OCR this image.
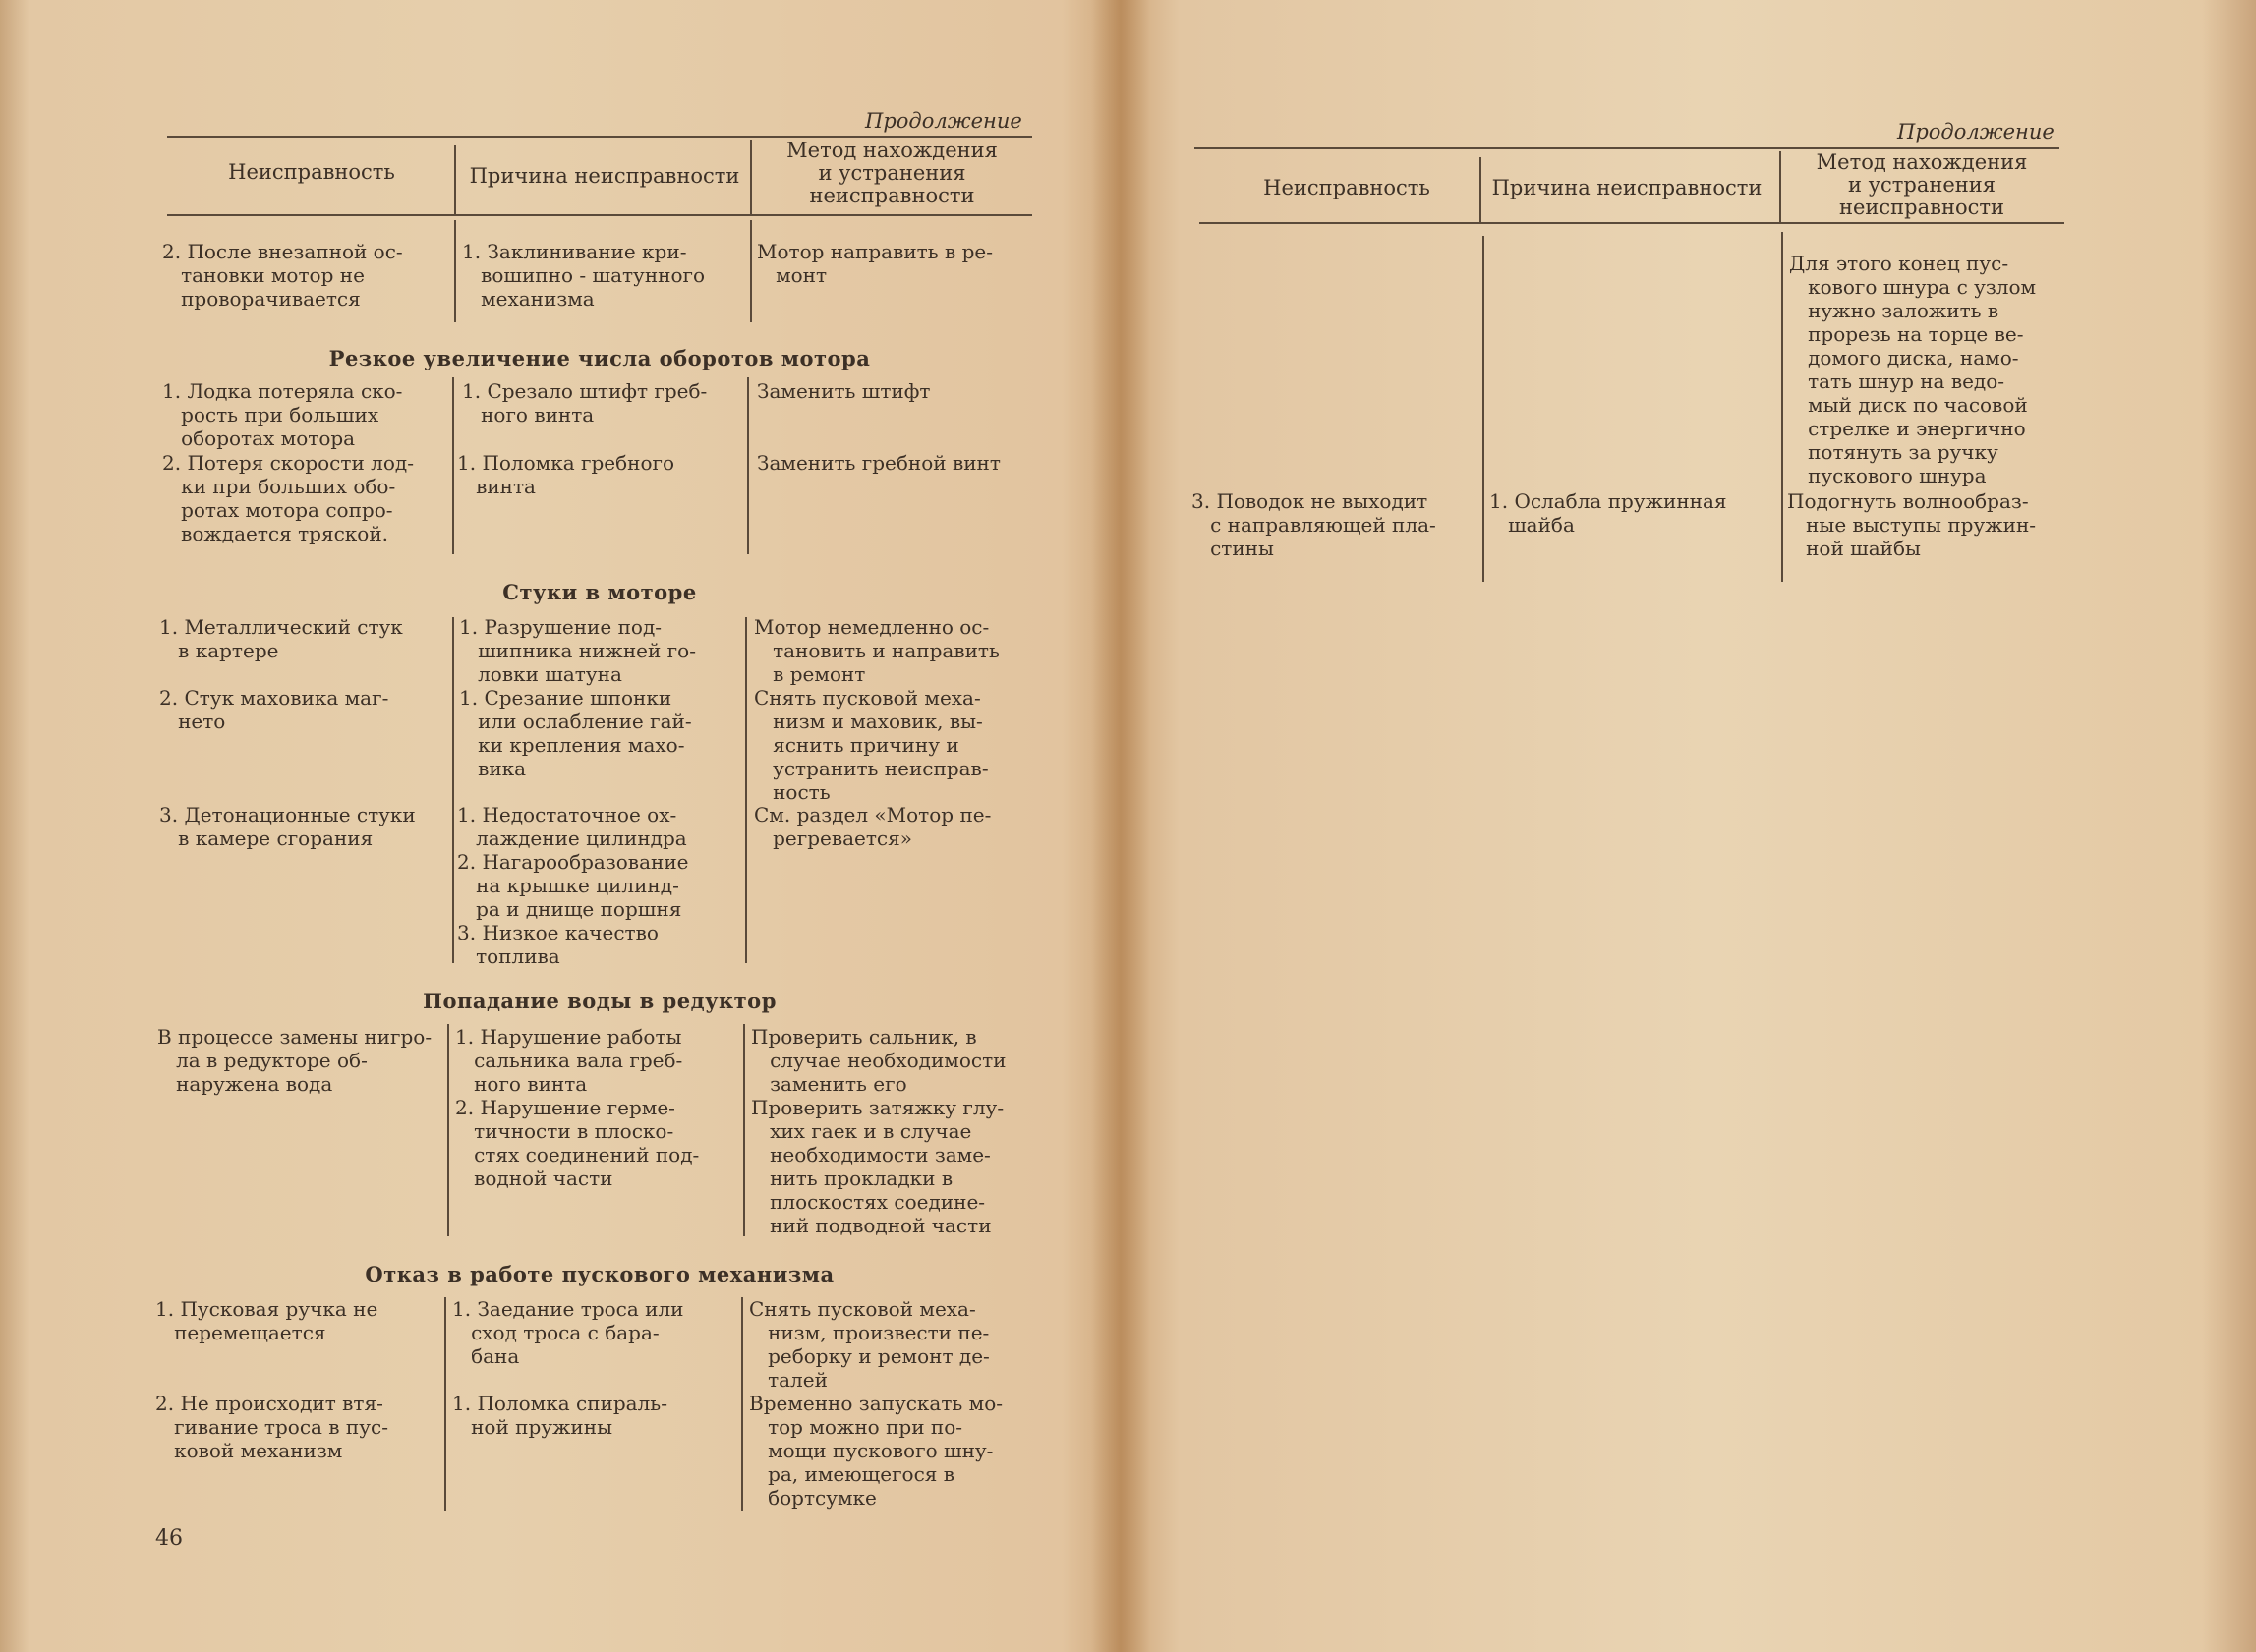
Продолжение
Неисправность	Причина неисправности
Метод нахождения
и устранения
неисправности
2. После внезапной ос-
тановки мотор не
проворачивается
1. Заклинивание кри-
вошипно - шатунного
механизма
Мотор направить в ре-
монт
Резкое увеличение числа оборотов мотора
1. Лодка потеряла ско-
рость при больших
оборотах мотора
1. Срезало штифт греб-
ного винта
Заменить штифт
2. Потеря скорости лод-
ки при больших обо-
ротах мотора сопро-
вождается тряской.
1. Поломка гребного
винта
Заменить гребной винт
Стуки в моторе
1. Металлический стук
в картере
1. Разрушение под-
шипника нижней го-
ловки шатуна
Мотор немедленно ос-
тановить и направить
в ремонт
2. Стук маховика маг-
нето
1. Срезание шпонки
или ослабление гай-
ки крепления махо-
вика
Снять пусковой меха-
низм и маховик, вы-
яснить причину и
устранить неисправ-
ность
3. Детонационные стуки
в камере сгорания
1. Недостаточное ох-
лаждение цилиндра
2. Нагарообразование
на крышке цилинд-
ра и днище поршня
3. Низкое качество
топлива
См. раздел «Мотор пе-
регревается»
Попадание воды в редуктор
В процессе замены нигро-
ла в редукторе об-
наружена вода
1. Нарушение работы
сальника вала греб-
ного винта
2. Нарушение герме-
тичности в плоско-
стях соединений под-
водной части
Проверить сальник, в
случае необходимости
заменить его
Проверить затяжку глу-
хих гаек и в случае
необходимости заме-
нить прокладки в
плоскостях соедине-
ний подводной части
Отказ в работе пускового механизма
1. Пусковая ручка не
перемещается
1. Заедание троса или
сход троса с бара-
бана
Снять пусковой меха-
низм, произвести пе-
реборку и ремонт де-
талей
2. Не происходит втя-
гивание троса в пус-
ковой механизм
1. Поломка спираль-
ной пружины
Временно запускать мо-
тор можно при по-
мощи пускового шну-
ра, имеющегося в
бортсумке
46
Продолжение
Неисправность	Причина неисправности
Метод нахождения
и устранения
неисправности
Для этого конец пус-
кового шнура с узлом
нужно заложить в
прорезь на торце ве-
домого диска, намо-
тать шнур на ведо-
мый диск по часовой
стрелке и энергично
потянуть за ручку
пускового шнура
3. Поводок не выходит
с направляющей пла-
стины
1. Ослабла пружинная
шайба
Подогнуть волнообраз-
ные выступы пружин-
ной шайбы
